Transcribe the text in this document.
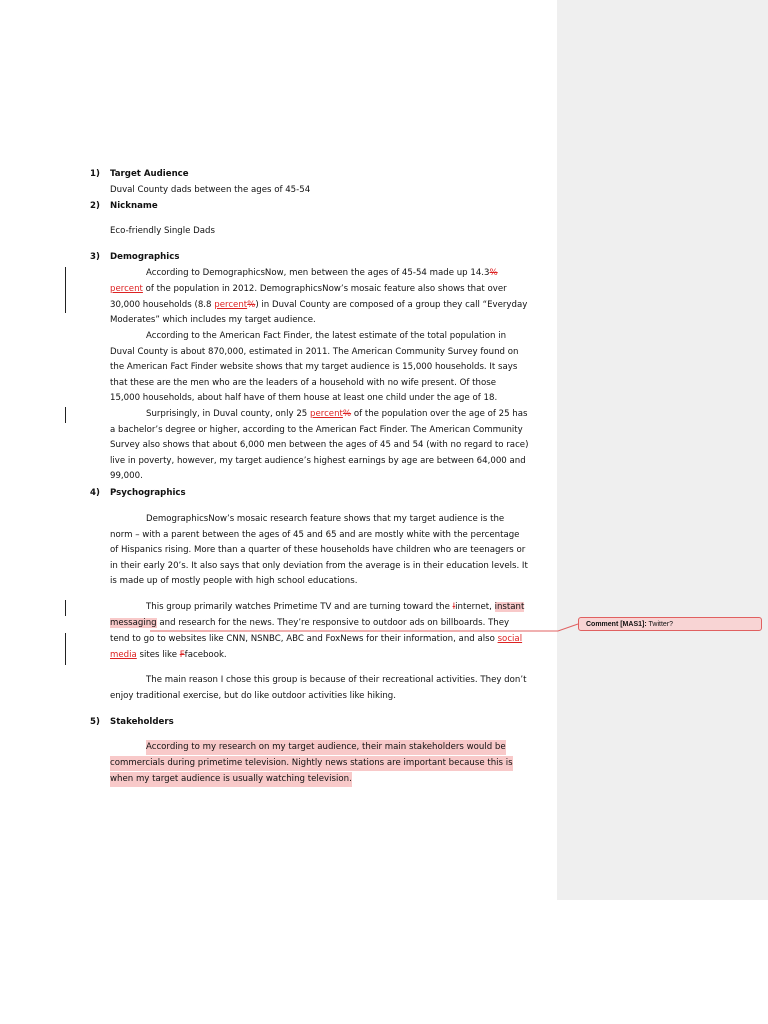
1) Target Audience
Duval County dads between the ages of 45-54
2) Nickname
Eco-friendly Single Dads
3) Demographics
According to DemographicsNow, men between the ages of 45-54 made up 14.3%
percent of the population in 2012. DemographicsNow’s mosaic feature also shows that over
30,000 households (8.8 percent%) in Duval County are composed of a group they call “Everyday
Moderates” which includes my target audience.
According to the American Fact Finder, the latest estimate of the total population in
Duval County is about 870,000, estimated in 2011. The American Community Survey found on
the American Fact Finder website shows that my target audience is 15,000 households. It says
that these are the men who are the leaders of a household with no wife present. Of those
15,000 households, about half have of them house at least one child under the age of 18.
Surprisingly, in Duval county, only 25 percent% of the population over the age of 25 has
a bachelor’s degree or higher, according to the American Fact Finder. The American Community
Survey also shows that about 6,000 men between the ages of 45 and 54 (with no regard to race)
live in poverty, however, my target audience’s highest earnings by age are between 64,000 and
99,000.
4) Psychographics
DemographicsNow’s mosaic research feature shows that my target audience is the
norm – with a parent between the ages of 45 and 65 and are mostly white with the percentage
of Hispanics rising. More than a quarter of these households have children who are teenagers or
in their early 20’s. It also says that only deviation from the average is in their education levels. It
is made up of mostly people with high school educations.
This group primarily watches Primetime TV and are turning toward the Iinternet, instant
messaging and research for the news. They’re responsive to outdoor ads on billboards. They
tend to go to websites like CNN, NSNBC, ABC and FoxNews for their information, and also social
media sites like Ffacebook.
The main reason I chose this group is because of their recreational activities. They don’t
enjoy traditional exercise, but do like outdoor activities like hiking.
5) Stakeholders
According to my research on my target audience, their main stakeholders would be
commercials during primetime television. Nightly news stations are important because this is
when my target audience is usually watching television.
Comment [MAS1]: Twitter?
